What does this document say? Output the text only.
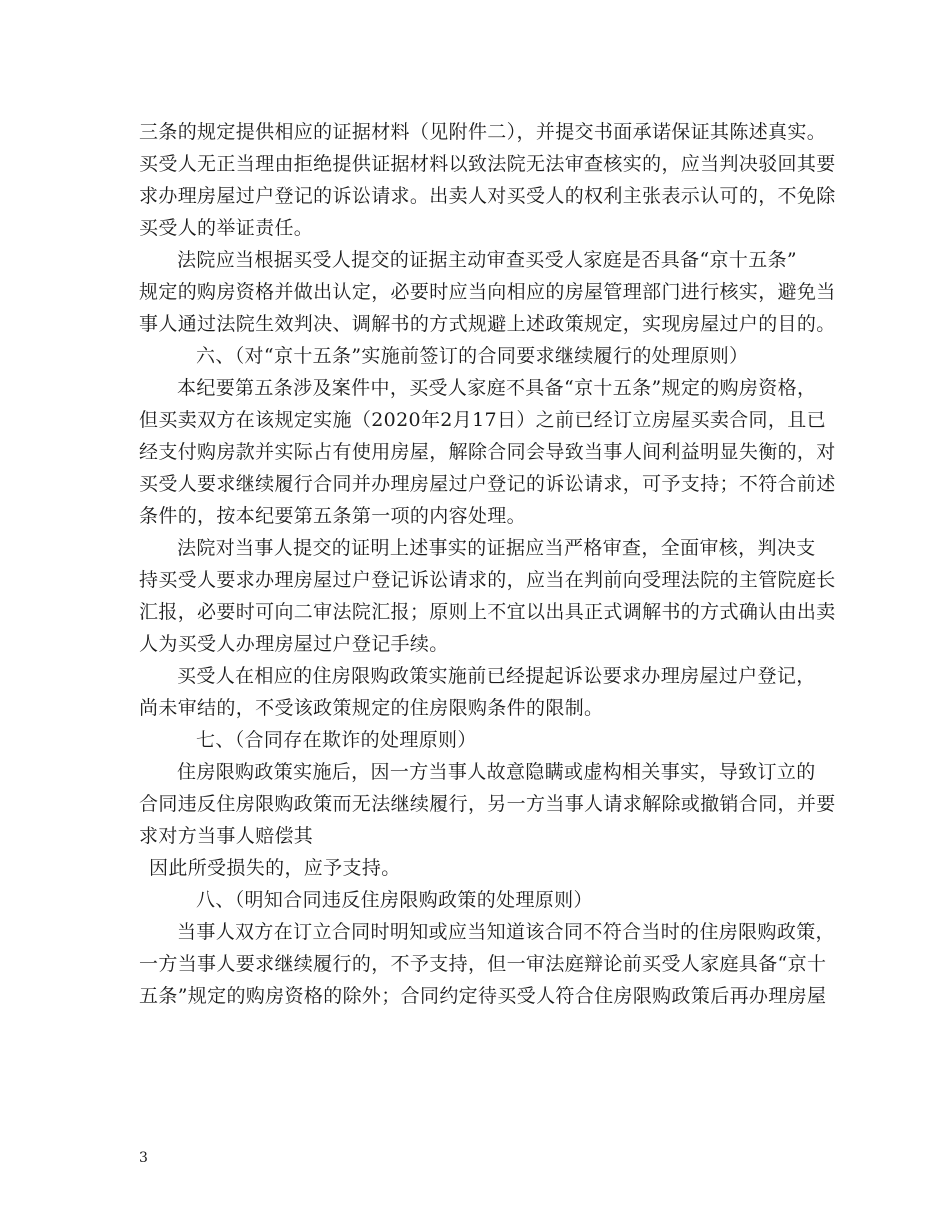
三条的规定提供相应的证据材料（见附件二），并提交书面承诺保证其陈述真实。
买受人无正当理由拒绝提供证据材料以致法院无法审查核实的，应当判决驳回其要
求办理房屋过户登记的诉讼请求。出卖人对买受人的权利主张表示认可的，不免除
买受人的举证责任。
法院应当根据买受人提交的证据主动审查买受人家庭是否具备“京十五条”
规定的购房资格并做出认定，必要时应当向相应的房屋管理部门进行核实，避免当
事人通过法院生效判决、调解书的方式规避上述政策规定，实现房屋过户的目的。
六、（对“京十五条”实施前签订的合同要求继续履行的处理原则）
本纪要第五条涉及案件中，买受人家庭不具备“京十五条”规定的购房资格，
但买卖双方在该规定实施（2020年2月17日）之前已经订立房屋买卖合同，且已
经支付购房款并实际占有使用房屋，解除合同会导致当事人间利益明显失衡的，对
买受人要求继续履行合同并办理房屋过户登记的诉讼请求，可予支持；不符合前述
条件的，按本纪要第五条第一项的内容处理。
法院对当事人提交的证明上述事实的证据应当严格审查，全面审核，判决支
持买受人要求办理房屋过户登记诉讼请求的，应当在判前向受理法院的主管院庭长
汇报，必要时可向二审法院汇报；原则上不宜以出具正式调解书的方式确认由出卖
人为买受人办理房屋过户登记手续。
买受人在相应的住房限购政策实施前已经提起诉讼要求办理房屋过户登记，
尚未审结的，不受该政策规定的住房限购条件的限制。
七、（合同存在欺诈的处理原则）
住房限购政策实施后，因一方当事人故意隐瞒或虚构相关事实，导致订立的
合同违反住房限购政策而无法继续履行，另一方当事人请求解除或撤销合同，并要
求对方当事人赔偿其
因此所受损失的，应予支持。
八、（明知合同违反住房限购政策的处理原则）
当事人双方在订立合同时明知或应当知道该合同不符合当时的住房限购政策，
一方当事人要求继续履行的，不予支持，但一审法庭辩论前买受人家庭具备“京十
五条”规定的购房资格的除外；合同约定待买受人符合住房限购政策后再办理房屋
3
